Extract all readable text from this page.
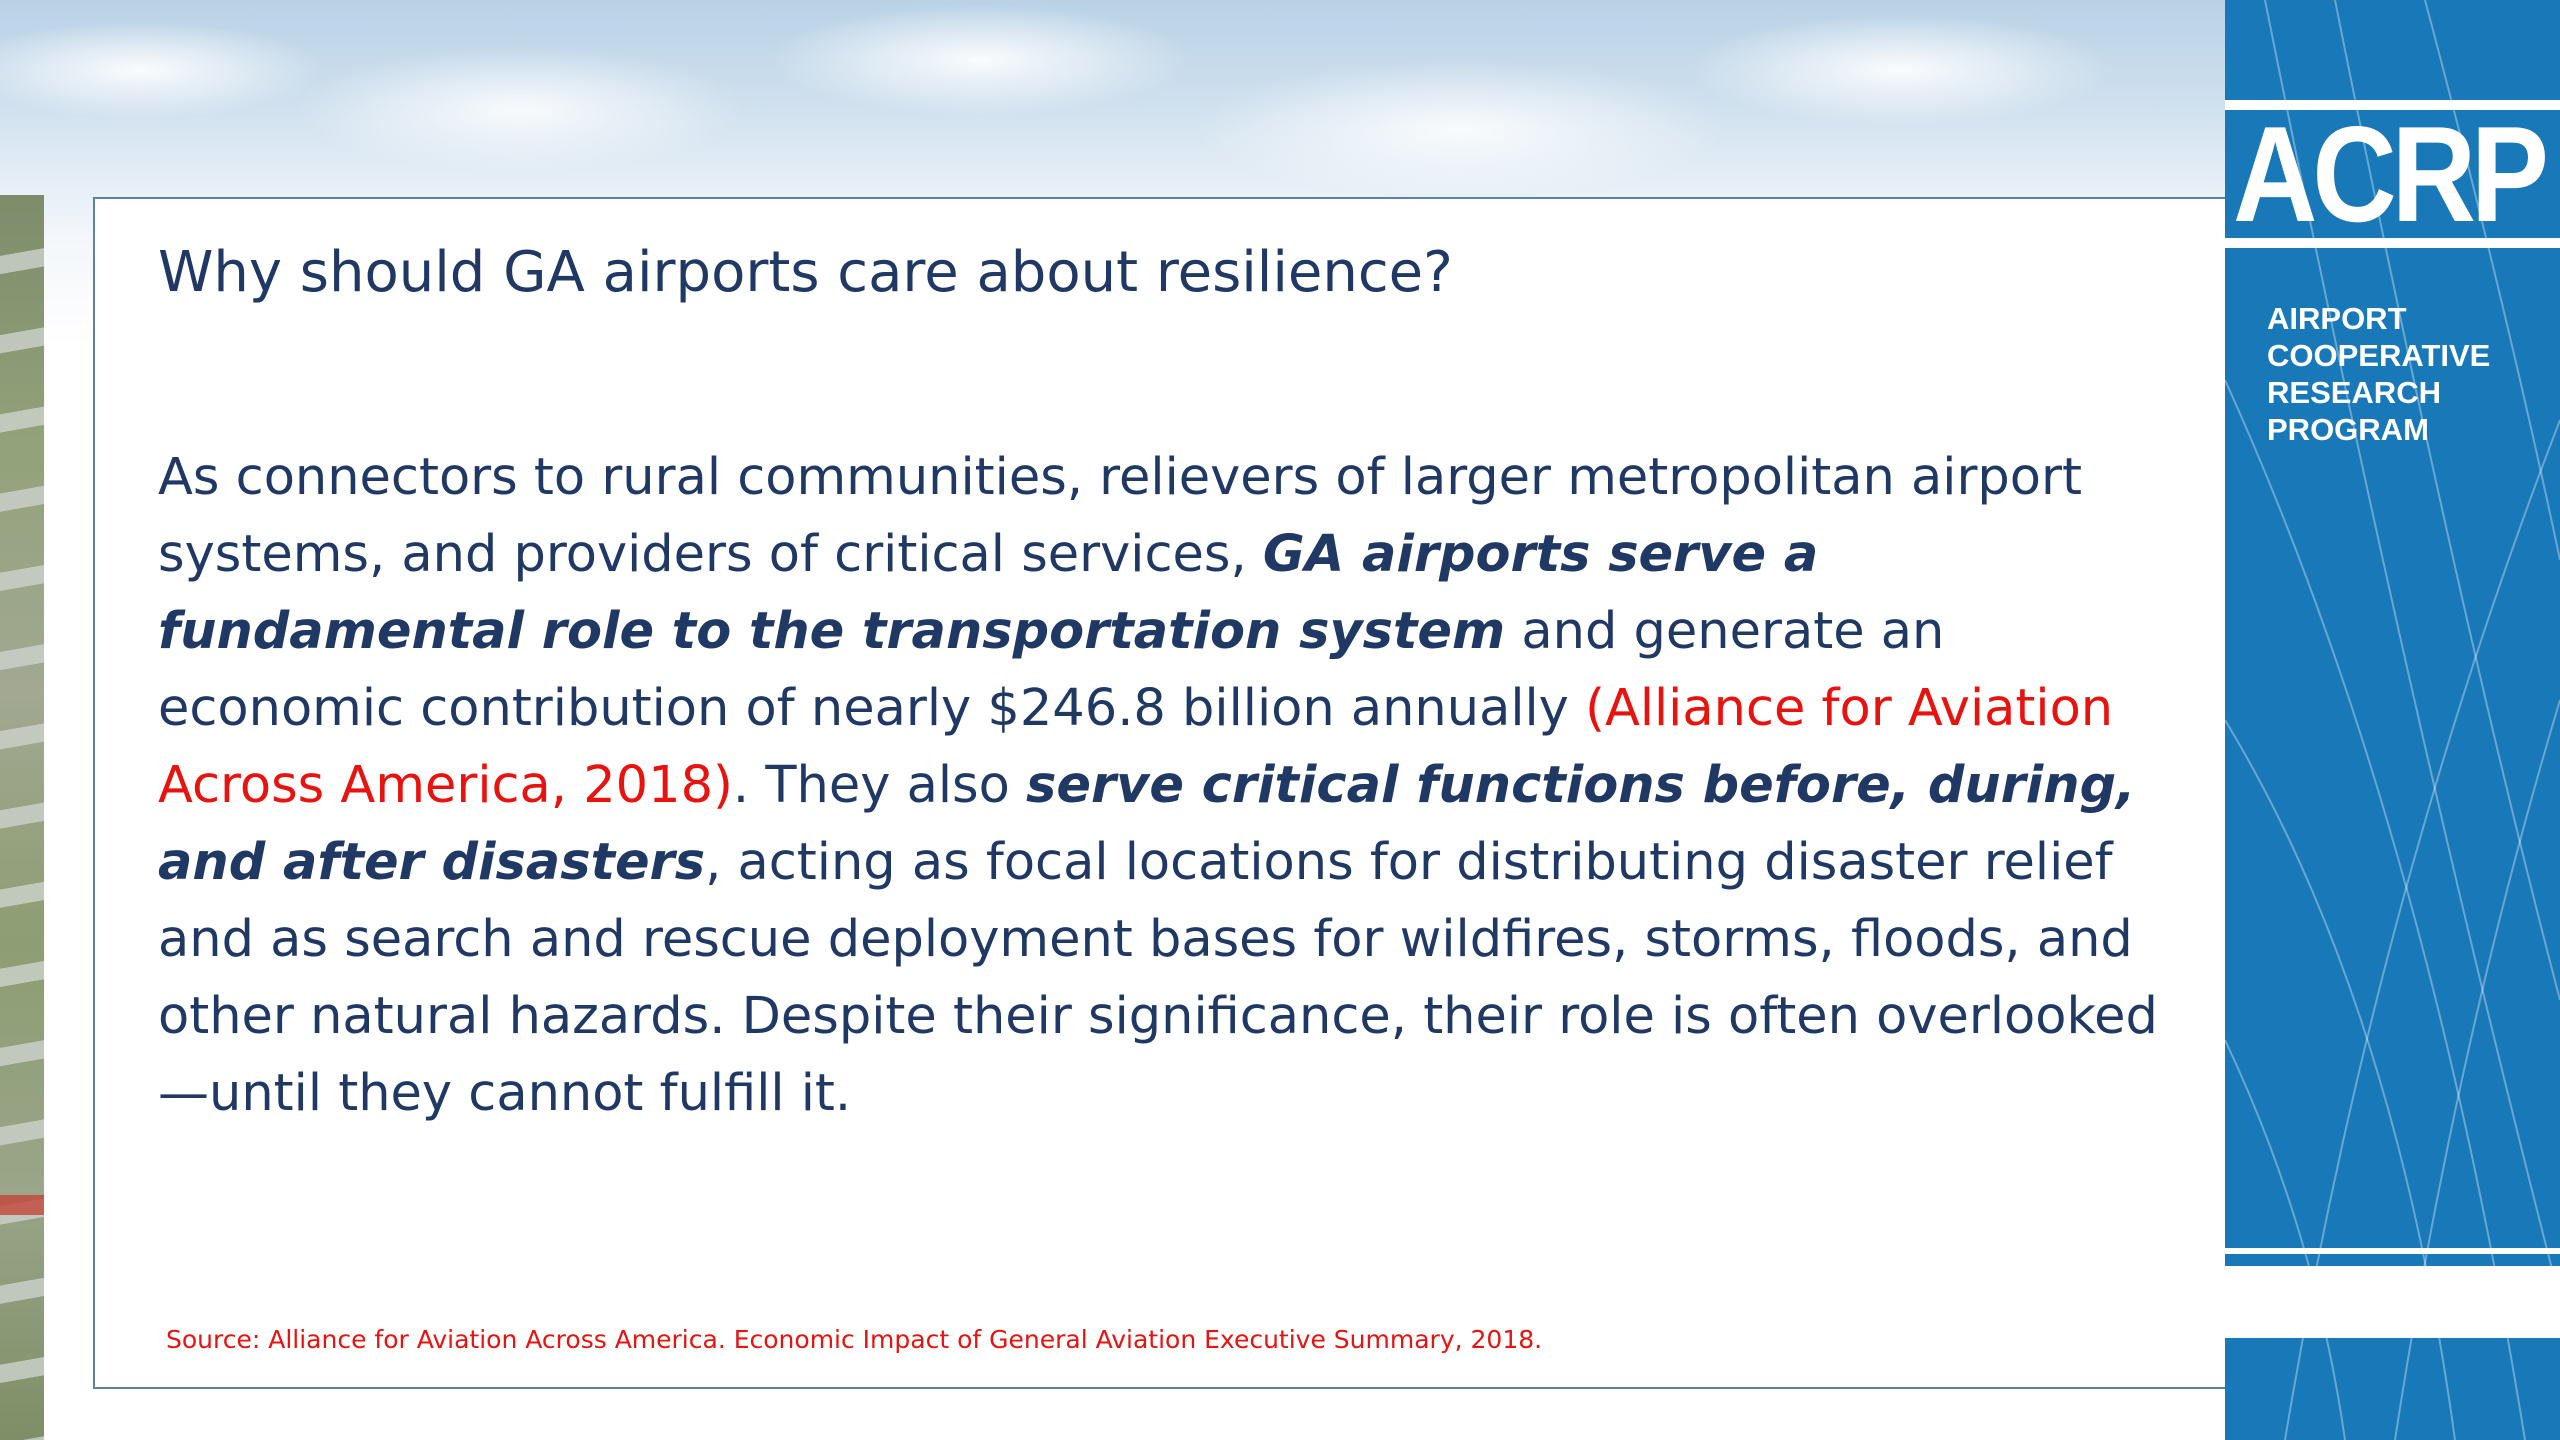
ACRP
AIRPORT
COOPERATIVE
RESEARCH
PROGRAM
Why should GA airports care about resilience?

As connectors to rural communities, relievers of larger metropolitan airport systems, and providers of critical services, GA airports serve a fundamental role to the transportation system and generate an economic contribution of nearly $246.8 billion annually (Alliance for Aviation Across America, 2018). They also serve critical functions before, during, and after disasters, acting as focal locations for distributing disaster relief and as search and rescue deployment bases for wildfires, storms, floods, and other natural hazards. Despite their significance, their role is often overlooked—until they cannot fulfill it.

Source: Alliance for Aviation Across America. Economic Impact of General Aviation Executive Summary, 2018.
